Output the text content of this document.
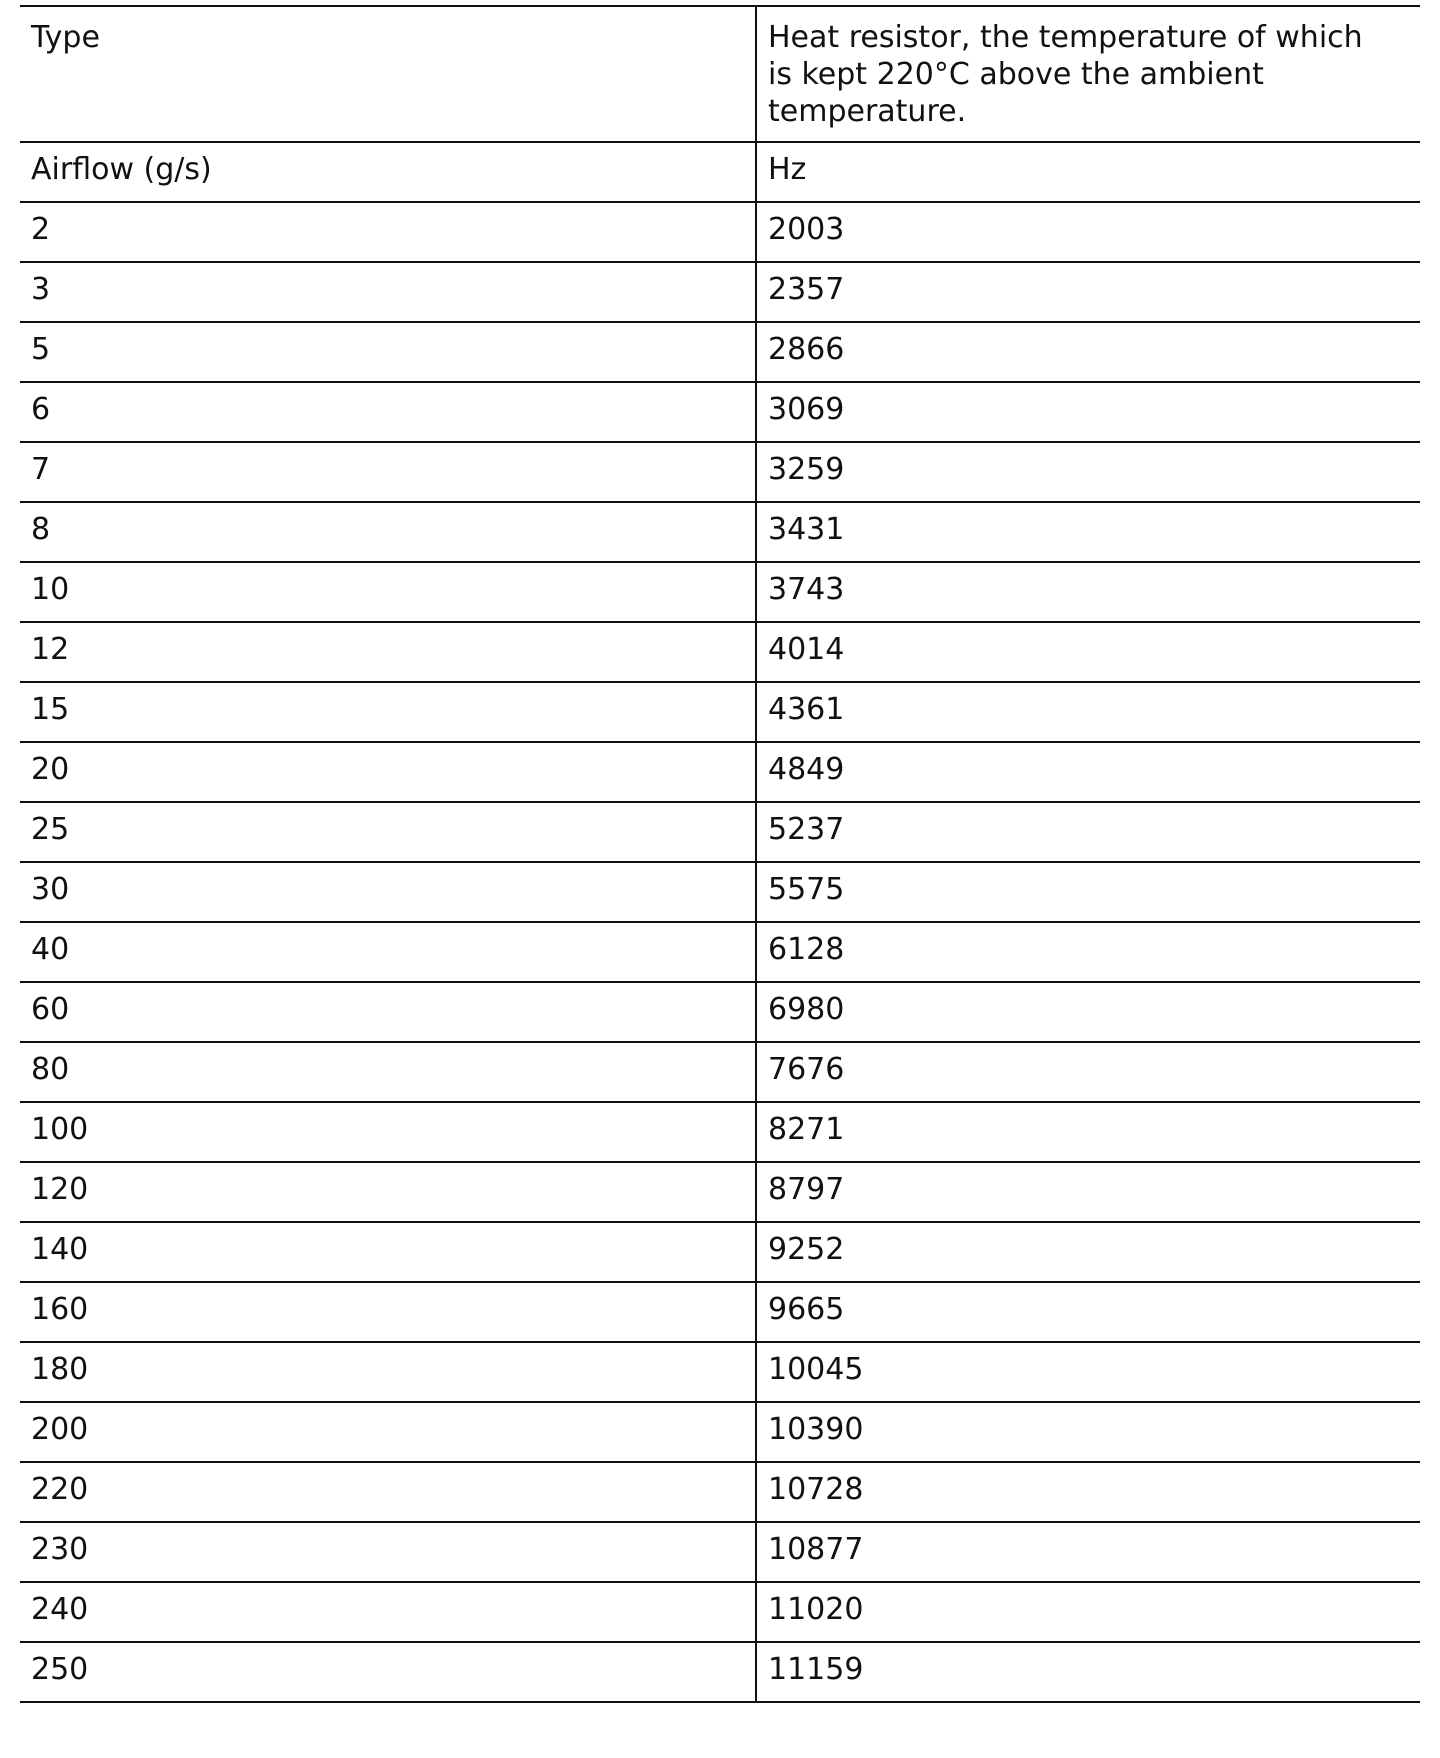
Type	Heat resistor, the temperature of which is kept 220°C above the ambient temperature.
Airflow (g/s)	Hz
2	2003
3	2357
5	2866
6	3069
7	3259
8	3431
10	3743
12	4014
15	4361
20	4849
25	5237
30	5575
40	6128
60	6980
80	7676
100	8271
120	8797
140	9252
160	9665
180	10045
200	10390
220	10728
230	10877
240	11020
250	11159
